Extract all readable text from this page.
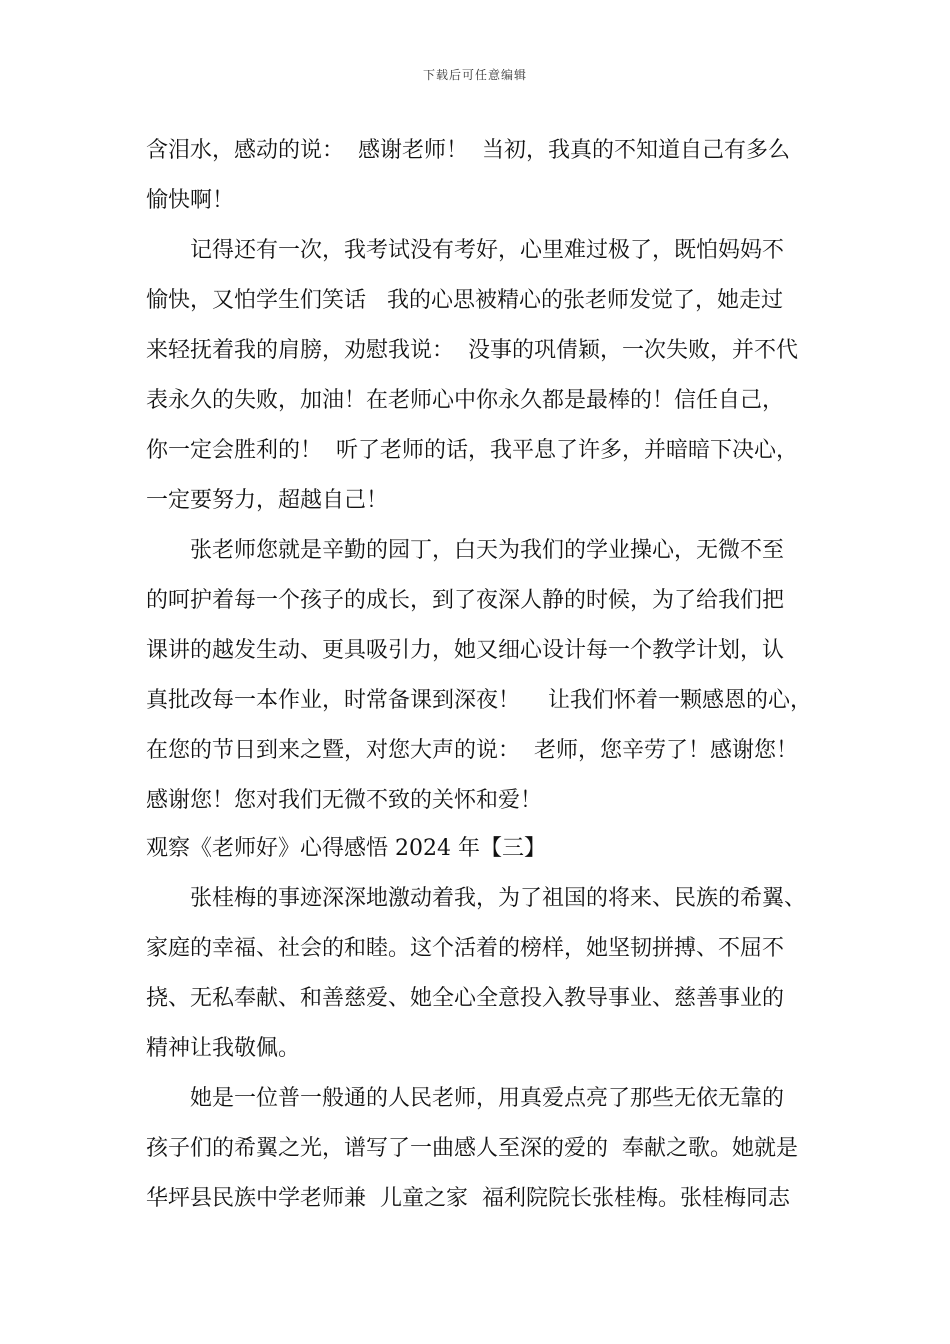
下载后可任意编辑
含泪水，感动的说：  感谢老师！  当初，我真的不知道自己有多么
愉快啊！
记得还有一次，我考试没有考好，心里难过极了，既怕妈妈不
愉快，又怕学生们笑话   我的心思被精心的张老师发觉了，她走过
来轻抚着我的肩膀，劝慰我说：  没事的巩倩颖，一次失败，并不代
表永久的失败，加油！在老师心中你永久都是最棒的！信任自己，
你一定会胜利的！  听了老师的话，我平息了许多，并暗暗下决心，
一定要努力，超越自己！
张老师您就是辛勤的园丁，白天为我们的学业操心，无微不至
的呵护着每一个孩子的成长，到了夜深人静的时候，为了给我们把
课讲的越发生动、更具吸引力，她又细心设计每一个教学计划，认
真批改每一本作业，时常备课到深夜！    让我们怀着一颗感恩的心，
在您的节日到来之暨，对您大声的说：  老师，您辛劳了！感谢您！
感谢您！您对我们无微不致的关怀和爱！
观察《老师好》心得感悟 2024 年【三】
张桂梅的事迹深深地激动着我，为了祖国的将来、民族的希翼、
家庭的幸福、社会的和睦。这个活着的榜样，她坚韧拼搏、不屈不
挠、无私奉献、和善慈爱、她全心全意投入教导事业、慈善事业的
精神让我敬佩。
她是一位普一般通的人民老师，用真爱点亮了那些无依无靠的
孩子们的希翼之光，谱写了一曲感人至深的爱的  奉献之歌。她就是
华坪县民族中学老师兼  儿童之家  福利院院长张桂梅。张桂梅同志
